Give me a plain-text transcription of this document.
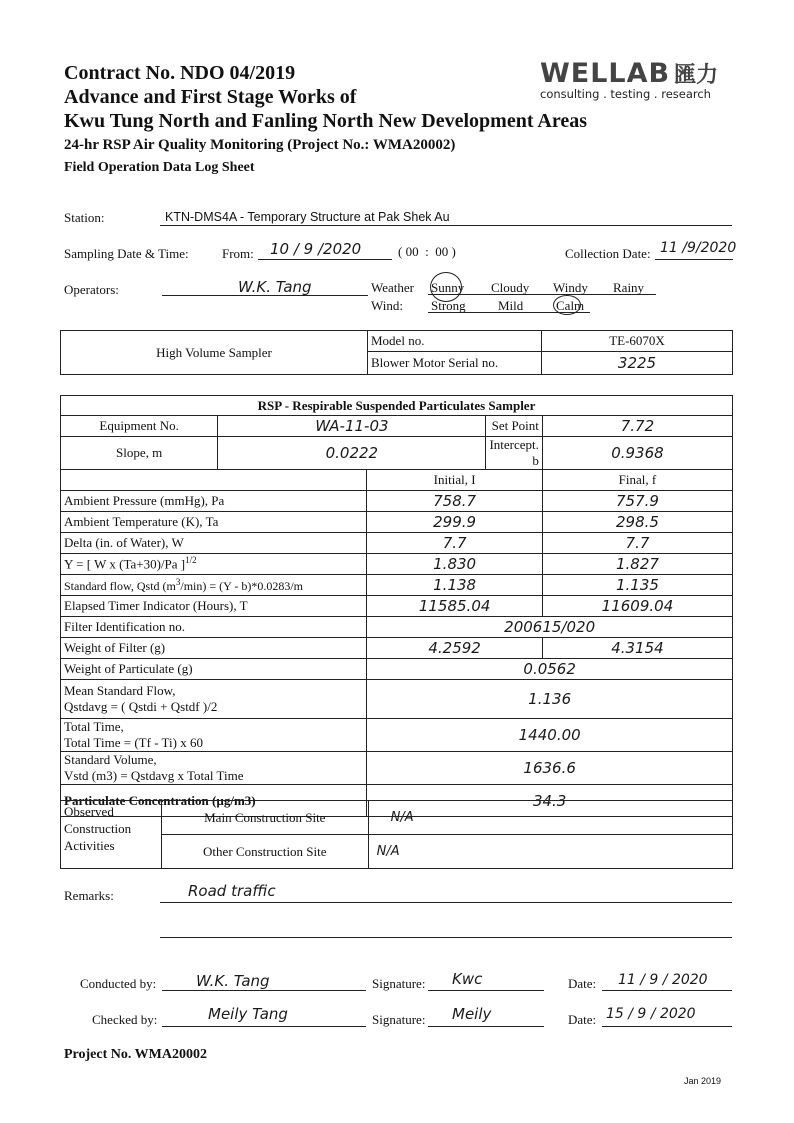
Contract No. NDO 04/2019
Advance and First Stage Works of
Kwu Tung North and Fanling North New Development Areas
24-hr RSP Air Quality Monitoring (Project No.: WMA20002)
Field Operation Data Log Sheet
WELLAB 匯力
consulting . testing . research
Station:	KTN-DMS4A - Temporary Structure at Pak Shek Au
Sampling Date & Time:	From: 10 / 9 /2020	( 00  :  00 )	Collection Date: 11 /9/2020
Operators:	W.K. Tang	Weather Sunny Cloudy Windy Rainy
Wind: Strong Mild	Calm
High Volume Sampler	Model no.	TE-6070X
	Blower Motor Serial no.	3225
RSP - Respirable Suspended Particulates Sampler				
Equipment No.	WA-11-03		Set Point	7.72
Slope, m	0.0222		Intercept. b	0.9368
		Initial, I		Final, f
Ambient Pressure (mmHg), Pa		758.7		757.9
Ambient Temperature (K), Ta		299.9		298.5
Delta (in. of Water), W		7.7		7.7
Y = [ W x (Ta+30)/Pa ]$^{1/2}$		1.830		1.827
Standard flow, Qstd $(m^3/\min) = (Y - b)*0.0283/m$		1.138		1.135
Elapsed Timer Indicator (Hours), T		11585.04		11609.04
Filter Identification no.		200615/020		
Weight of Filter (g)		4.2592		4.3154
Weight of Particulate (g)		0.0562		

Mean Standard Flow,
Qstdavg = ( Qstdi + Qstdf )/2		1.136		

Total Time,
Total Time = (Tf - Ti) x 60		1440.00		

Standard Volume,
Vstd (m3) = Qstdavg x Total Time		1636.6		
Particulate Concentration (µg/m3)		34.3		
Observed Construction Activities	Main Construction Site	N/A
	Other Construction Site	N/A
Remarks:	Road traffic
Conducted by:	W.K. Tang	Signature: Kwc	Date: 11 / 9 / 2020
Checked by:	Meily Tang	Signature: Meily	Date: 15 / 9 / 2020
Project No. WMA20002
Jan 2019
